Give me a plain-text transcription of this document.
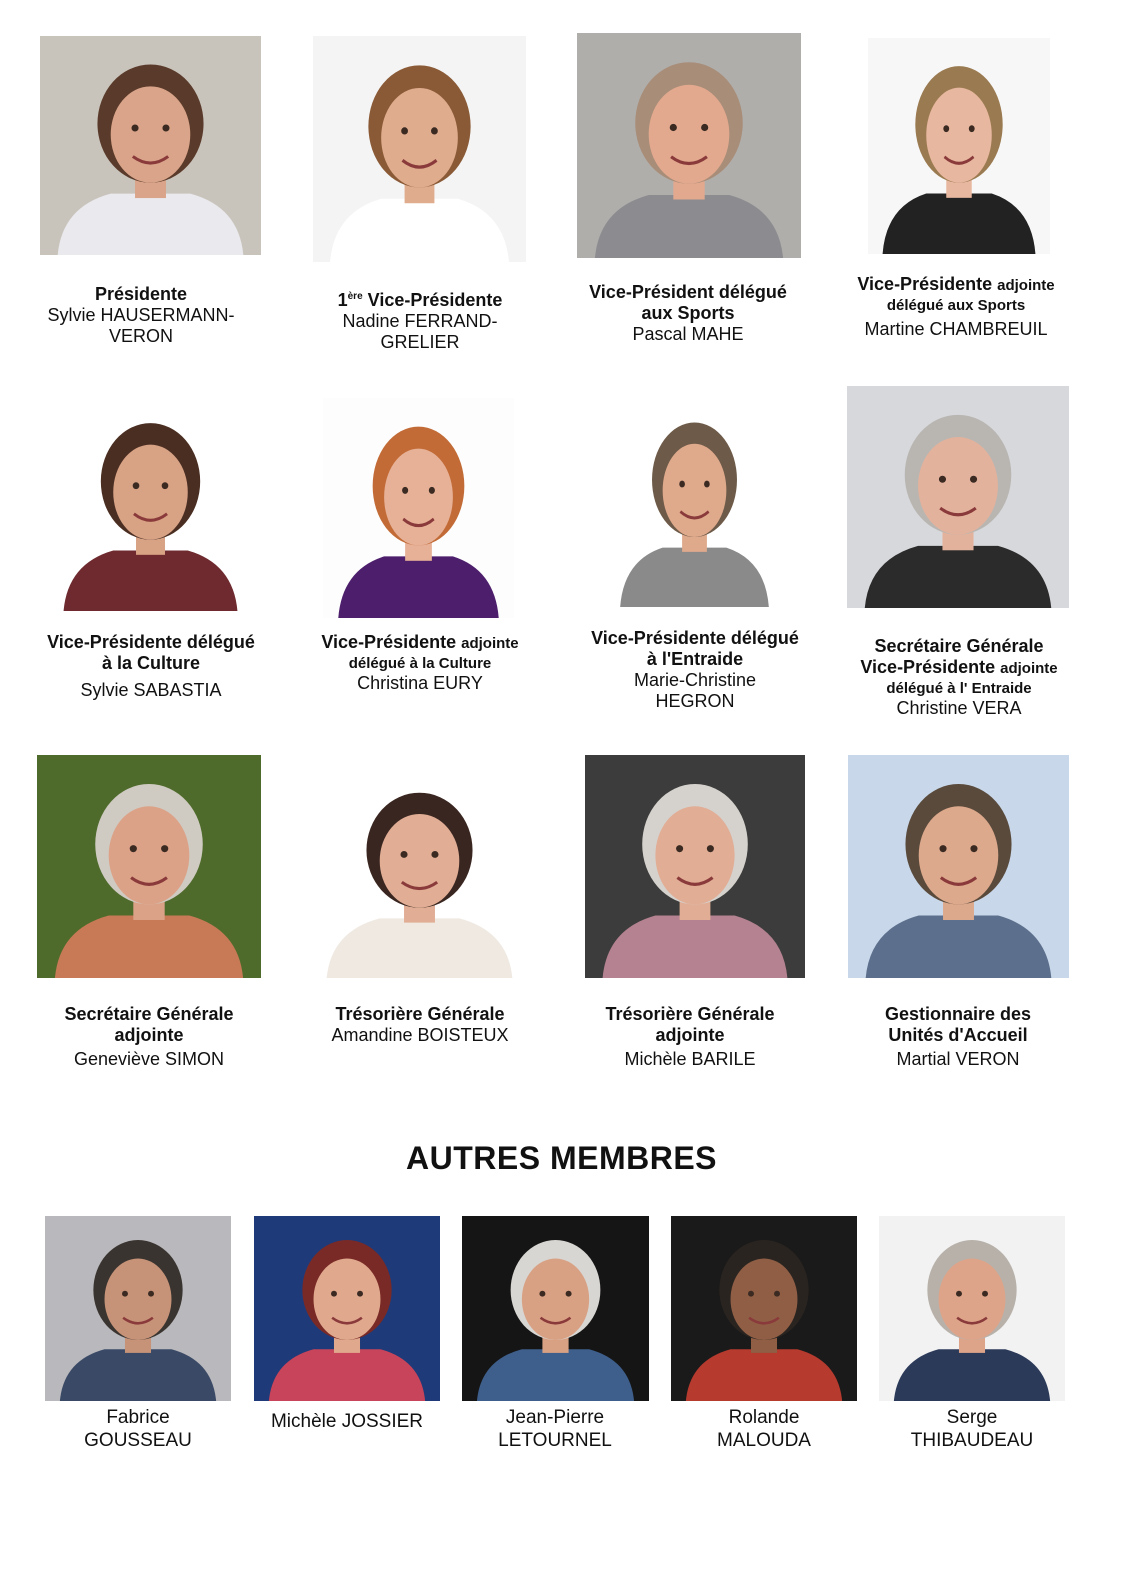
Présidente
Sylvie HAUSERMANN-VERON
1ère Vice-Présidente
Nadine FERRAND-GRELIER
Vice-Président délégué aux Sports
Pascal MAHE
Vice-Présidente adjointe
délégué aux Sports
Martine CHAMBREUIL
Vice-Présidente délégué à la Culture
Sylvie SABASTIA
Vice-Présidente adjointe
délégué à la Culture
Christina EURY
Vice-Présidente délégué à l'Entraide
Marie-Christine HEGRON
Secrétaire Générale
Vice-Présidente adjointe
délégué à l' Entraide
Christine VERA
Secrétaire Générale adjointe
Geneviève SIMON
Trésorière Générale
Amandine BOISTEUX
Trésorière Générale adjointe
Michèle BARILE
Gestionnaire des Unités d'Accueil
Martial VERON
AUTRES MEMBRES
Fabrice
GOUSSEAU
Michèle JOSSIER	Jean-Pierre
LETOURNEL
Rolande
MALOUDA
Serge
THIBAUDEAU
